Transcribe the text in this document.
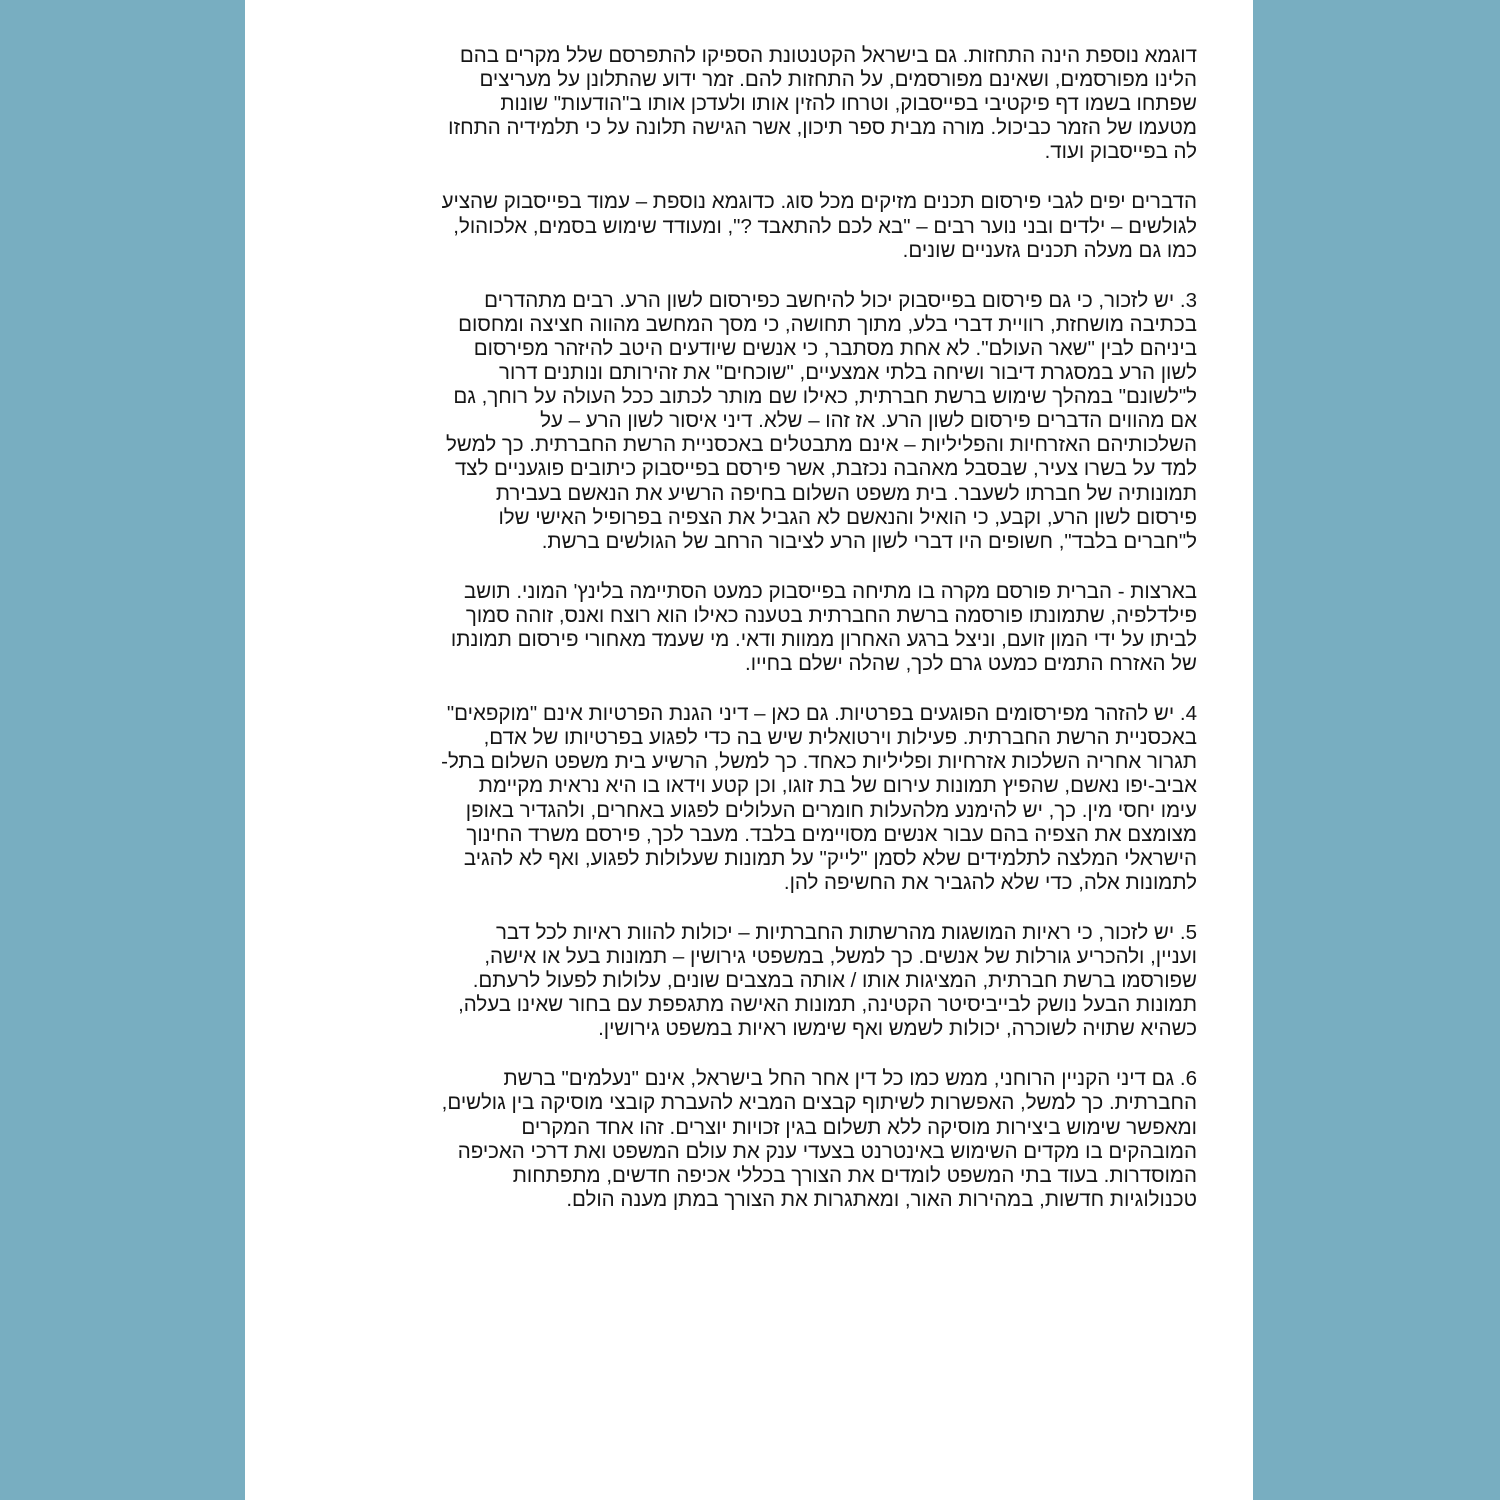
דוגמא נוספת הינה התחזות. גם בישראל הקטנטונת הספיקו להתפרסם שלל מקרים בהם
הלינו מפורסמים, ושאינם מפורסמים, על התחזות להם. זמר ידוע שהתלונן על מעריצים
שפתחו בשמו דף פיקטיבי בפייסבוק, וטרחו להזין אותו ולעדכן אותו ב"הודעות" שונות
מטעמו של הזמר כביכול. מורה מבית ספר תיכון, אשר הגישה תלונה על כי תלמידיה התחזו
לה בפייסבוק ועוד.
הדברים יפים לגבי פירסום תכנים מזיקים מכל סוג. כדוגמא נוספת – עמוד בפייסבוק שהציע
לגולשים – ילדים ובני נוער רבים – "בא לכם להתאבד ?", ומעודד שימוש בסמים, אלכוהול,
כמו גם מעלה תכנים גזעניים שונים.
3. יש לזכור, כי גם פירסום בפייסבוק יכול להיחשב כפירסום לשון הרע. רבים מתהדרים
בכתיבה מושחזת, רוויית דברי בלע, מתוך תחושה, כי מסך המחשב מהווה חציצה ומחסום
ביניהם לבין "שאר העולם". לא אחת מסתבר, כי אנשים שיודעים היטב להיזהר מפירסום
לשון הרע במסגרת דיבור ושיחה בלתי אמצעיים, "שוכחים" את זהירותם ונותנים דרור
ל"לשונם" במהלך שימוש ברשת חברתית, כאילו שם מותר לכתוב ככל העולה על רוחך, גם
אם מהווים הדברים פירסום לשון הרע. אז זהו – שלא. דיני איסור לשון הרע – על
השלכותיהם האזרחיות והפליליות – אינם מתבטלים באכסניית הרשת החברתית. כך למשל
למד על בשרו צעיר, שבסבל מאהבה נכזבת, אשר פירסם בפייסבוק כיתובים פוגעניים לצד
תמונותיה של חברתו לשעבר. בית משפט השלום בחיפה הרשיע את הנאשם בעבירת
פירסום לשון הרע, וקבע, כי הואיל והנאשם לא הגביל את הצפיה בפרופיל האישי שלו
ל"חברים בלבד", חשופים היו דברי לשון הרע לציבור הרחב של הגולשים ברשת.
בארצות - הברית פורסם מקרה בו מתיחה בפייסבוק כמעט הסתיימה בלינץ' המוני. תושב
פילדלפיה, שתמונתו פורסמה ברשת החברתית בטענה כאילו הוא רוצח ואנס, זוהה סמוך
לביתו על ידי המון זועם, וניצל ברגע האחרון ממוות ודאי. מי שעמד מאחורי פירסום תמונתו
של האזרח התמים כמעט גרם לכך, שהלה ישלם בחייו.
4. יש להזהר מפירסומים הפוגעים בפרטיות. גם כאן – דיני הגנת הפרטיות אינם "מוקפאים"
באכסניית הרשת החברתית. פעילות וירטואלית שיש בה כדי לפגוע בפרטיותו של אדם,
תגרור אחריה השלכות אזרחיות ופליליות כאחד. כך למשל, הרשיע בית משפט השלום בתל-
אביב-יפו נאשם, שהפיץ תמונות עירום של בת זוגו, וכן קטע וידאו בו היא נראית מקיימת
עימו יחסי מין. כך, יש להימנע מלהעלות חומרים העלולים לפגוע באחרים, ולהגדיר באופן
מצומצם את הצפיה בהם עבור אנשים מסויימים בלבד. מעבר לכך, פירסם משרד החינוך
הישראלי המלצה לתלמידים שלא לסמן "לייק" על תמונות שעלולות לפגוע, ואף לא להגיב
לתמונות אלה, כדי שלא להגביר את החשיפה להן.
5. יש לזכור, כי ראיות המושגות מהרשתות החברתיות – יכולות להוות ראיות לכל דבר
ועניין, ולהכריע גורלות של אנשים. כך למשל, במשפטי גירושין – תמונות בעל או אישה,
שפורסמו ברשת חברתית, המציגות אותו / אותה במצבים שונים, עלולות לפעול לרעתם.
תמונות הבעל נושק לבייביסיטר הקטינה, תמונות האישה מתגפפת עם בחור שאינו בעלה,
כשהיא שתויה לשוכרה, יכולות לשמש ואף שימשו ראיות במשפט גירושין.
6. גם דיני הקניין הרוחני, ממש כמו כל דין אחר החל בישראל, אינם "נעלמים" ברשת
החברתית. כך למשל, האפשרות לשיתוף קבצים המביא להעברת קובצי מוסיקה בין גולשים,
ומאפשר שימוש ביצירות מוסיקה ללא תשלום בגין זכויות יוצרים. זהו אחד המקרים
המובהקים בו מקדים השימוש באינטרנט בצעדי ענק את עולם המשפט ואת דרכי האכיפה
המוסדרות. בעוד בתי המשפט לומדים את הצורך בכללי אכיפה חדשים, מתפתחות
טכנולוגיות חדשות, במהירות האור, ומאתגרות את הצורך במתן מענה הולם.
